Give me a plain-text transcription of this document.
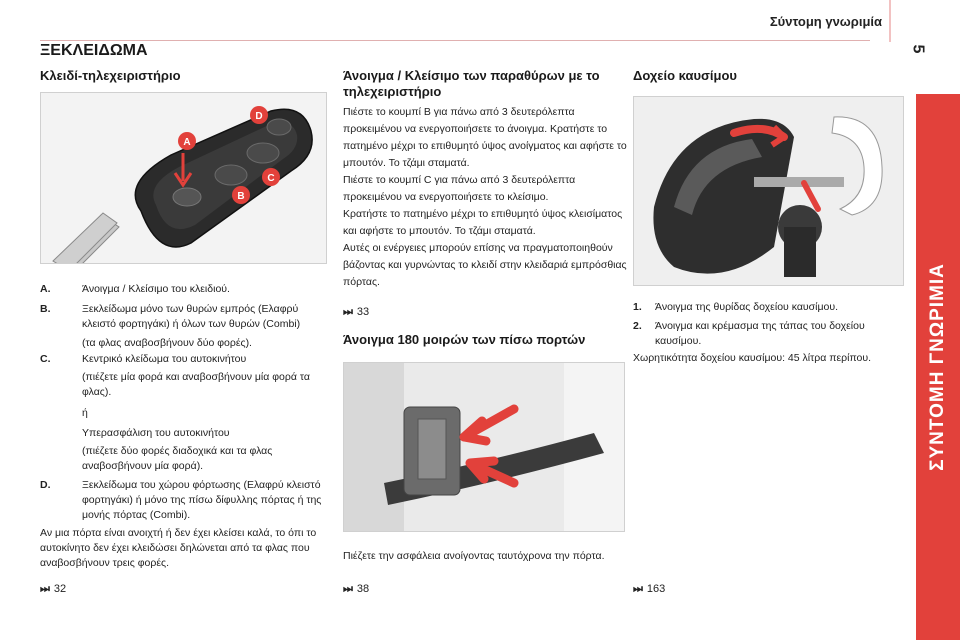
Σύντομη γνωριμία
5
ΣΥΝΤΟΜΗ ΓΝΩΡΙΜΙΑ
ΞΕΚΛΕΙΔΩΜΑ
Κλειδί-τηλεχειριστήριο
A
B
C
D
A.	Άνοιγμα / Κλείσιμο του κλειδιού.
B.	Ξεκλείδωμα μόνο των θυρών εμπρός (Ελαφρύ κλειστό φορτηγάκι) ή όλων των θυρών (Combi)
(τα φλας αναβοσβήνουν δύο φορές).
C.	Κεντρικό κλείδωμα του αυτοκινήτου
(πιέζετε μία φορά και αναβοσβήνουν μία φορά τα φλας).
ή
Υπερασφάλιση του αυτοκινήτου
(πιέζετε δύο φορές διαδοχικά και τα φλας αναβοσβήνουν μία φορά).
D.	Ξεκλείδωμα του χώρου φόρτωσης (Ελαφρύ κλειστό φορτηγάκι) ή μόνο της πίσω δίφυλλης πόρτας ή της μονής πόρτας (Combi).
Αν μια πόρτα είναι ανοιχτή ή δεν έχει κλείσει καλά, το όπι το αυτοκίνητο δεν έχει κλειδώσει δηλώνεται από τα φλας που αναβοσβήνουν τρεις φορές.
⏭ 32
Άνοιγμα / Κλείσιμο των παραθύρων με το τηλεχειριστήριο
Πιέστε το κουμπί B για πάνω από 3 δευτερόλεπτα προκειμένου να ενεργοποιήσετε το άνοιγμα. Κρατήστε το πατημένο μέχρι το επιθυμητό ύψος ανοίγματος και αφήστε το μπουτόν. Το τζάμι σταματά.
Πιέστε το κουμπί C για πάνω από 3 δευτερόλεπτα προκειμένου να ενεργοποιήσετε το κλείσιμο.
Κρατήστε το πατημένο μέχρι το επιθυμητό ύψος κλεισίματος και αφήστε το μπουτόν. Το τζάμι σταματά.
Αυτές οι ενέργειες μπορούν επίσης να πραγματοποιηθούν βάζοντας και γυρνώντας το κλειδί στην κλειδαριά εμπρόσθιας πόρτας.
⏭ 33
Άνοιγμα 180 μοιρών των πίσω πορτών
Πιέζετε την ασφάλεια ανοίγοντας ταυτόχρονα την πόρτα.
⏭ 38
Δοχείο καυσίμου
1. Άνοιγμα της θυρίδας δοχείου καυσίμου.
2. Άνοιγμα και κρέμασμα της τάπας του δοχείου καυσίμου.
Χωρητικότητα δοχείου καυσίμου: 45 λίτρα περίπου.
⏭ 163
